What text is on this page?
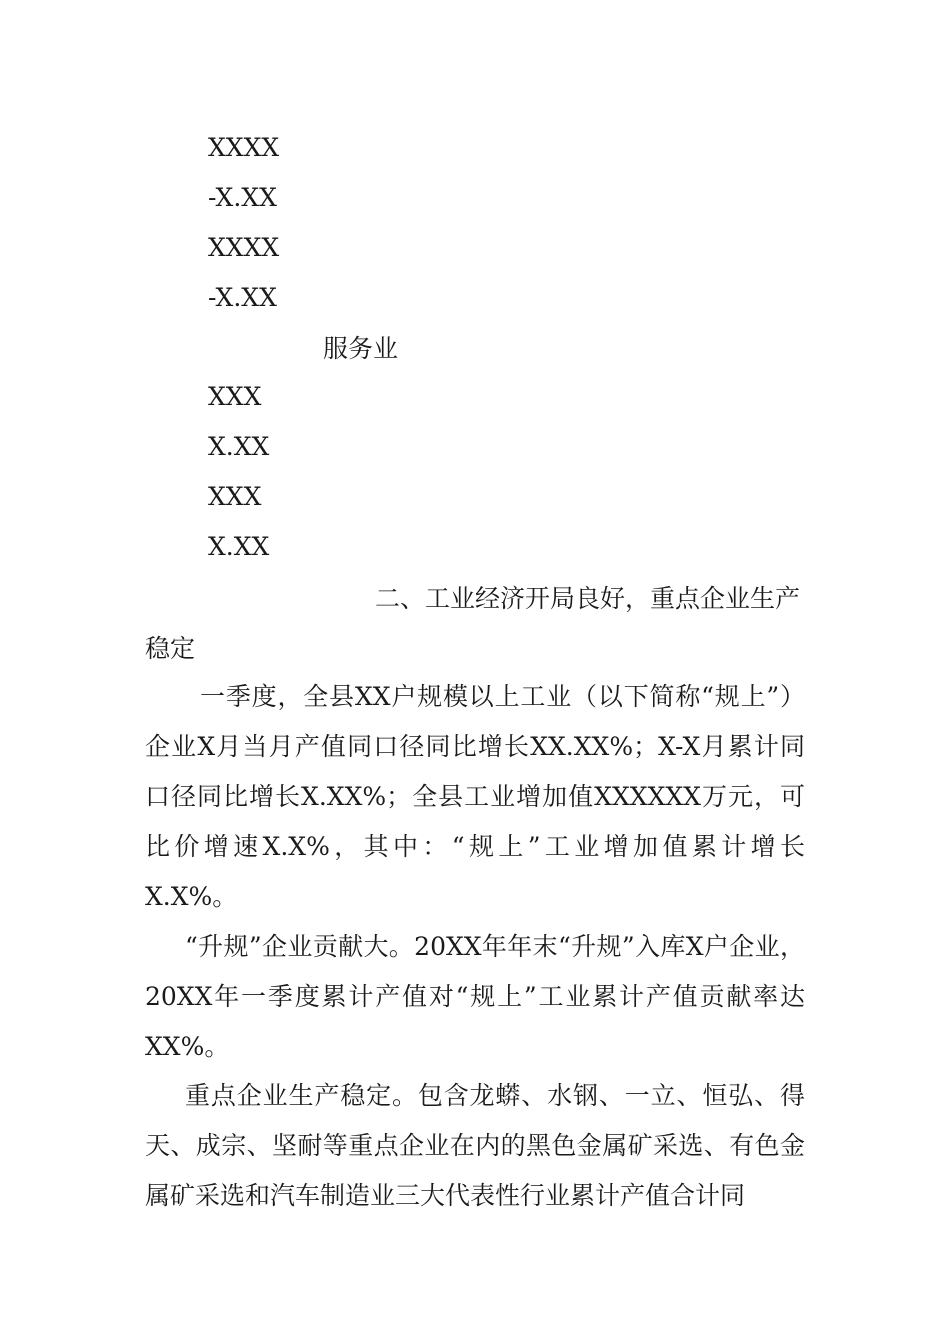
XXXX
-X.XX
XXXX
-X.XX
服务业
XXX
X.XX
XXX
X.XX
二、工业经济开局良好，重点企业生产
稳定
一季度，全县XX户规模以上工业（以下简称“规上”）企业X月当月产值同口径同比增长XX.XX%；X-X月累计同口径同比增长X.XX%；全县工业增加值XXXXXX万元，可比价增速X.X%，其中：“规上”工业增加值累计增长X.X%。
“升规”企业贡献大。20XX年年末“升规”入库X户企业，20XX年一季度累计产值对“规上”工业累计产值贡献率达XX%。
重点企业生产稳定。包含龙蟒、水钢、一立、恒弘、得天、成宗、坚耐等重点企业在内的黑色金属矿采选、有色金属矿采选和汽车制造业三大代表性行业累计产值合计同
